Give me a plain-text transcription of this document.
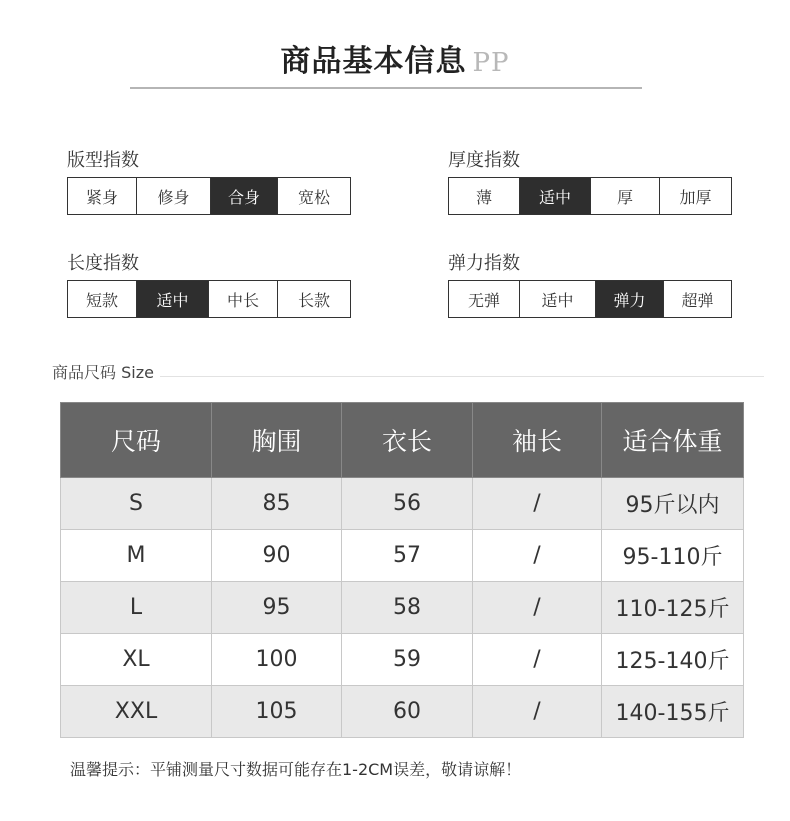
商品基本信息 PP
版型指数
紧身	修身	合身	宽松
厚度指数
薄	适中	厚	加厚
长度指数
短款	适中	中长	长款
弹力指数
无弹	适中	弹力	超弹
商品尺码 Size
尺码	胸围	衣长	袖长	适合体重
S	85	56	/	95斤以内
M	90	57	/	95-110斤
L	95	58	/	110-125斤
XL	100	59	/	125-140斤
XXL	105	60	/	140-155斤
温馨提示：平铺测量尺寸数据可能存在1-2CM误差，敬请谅解！
